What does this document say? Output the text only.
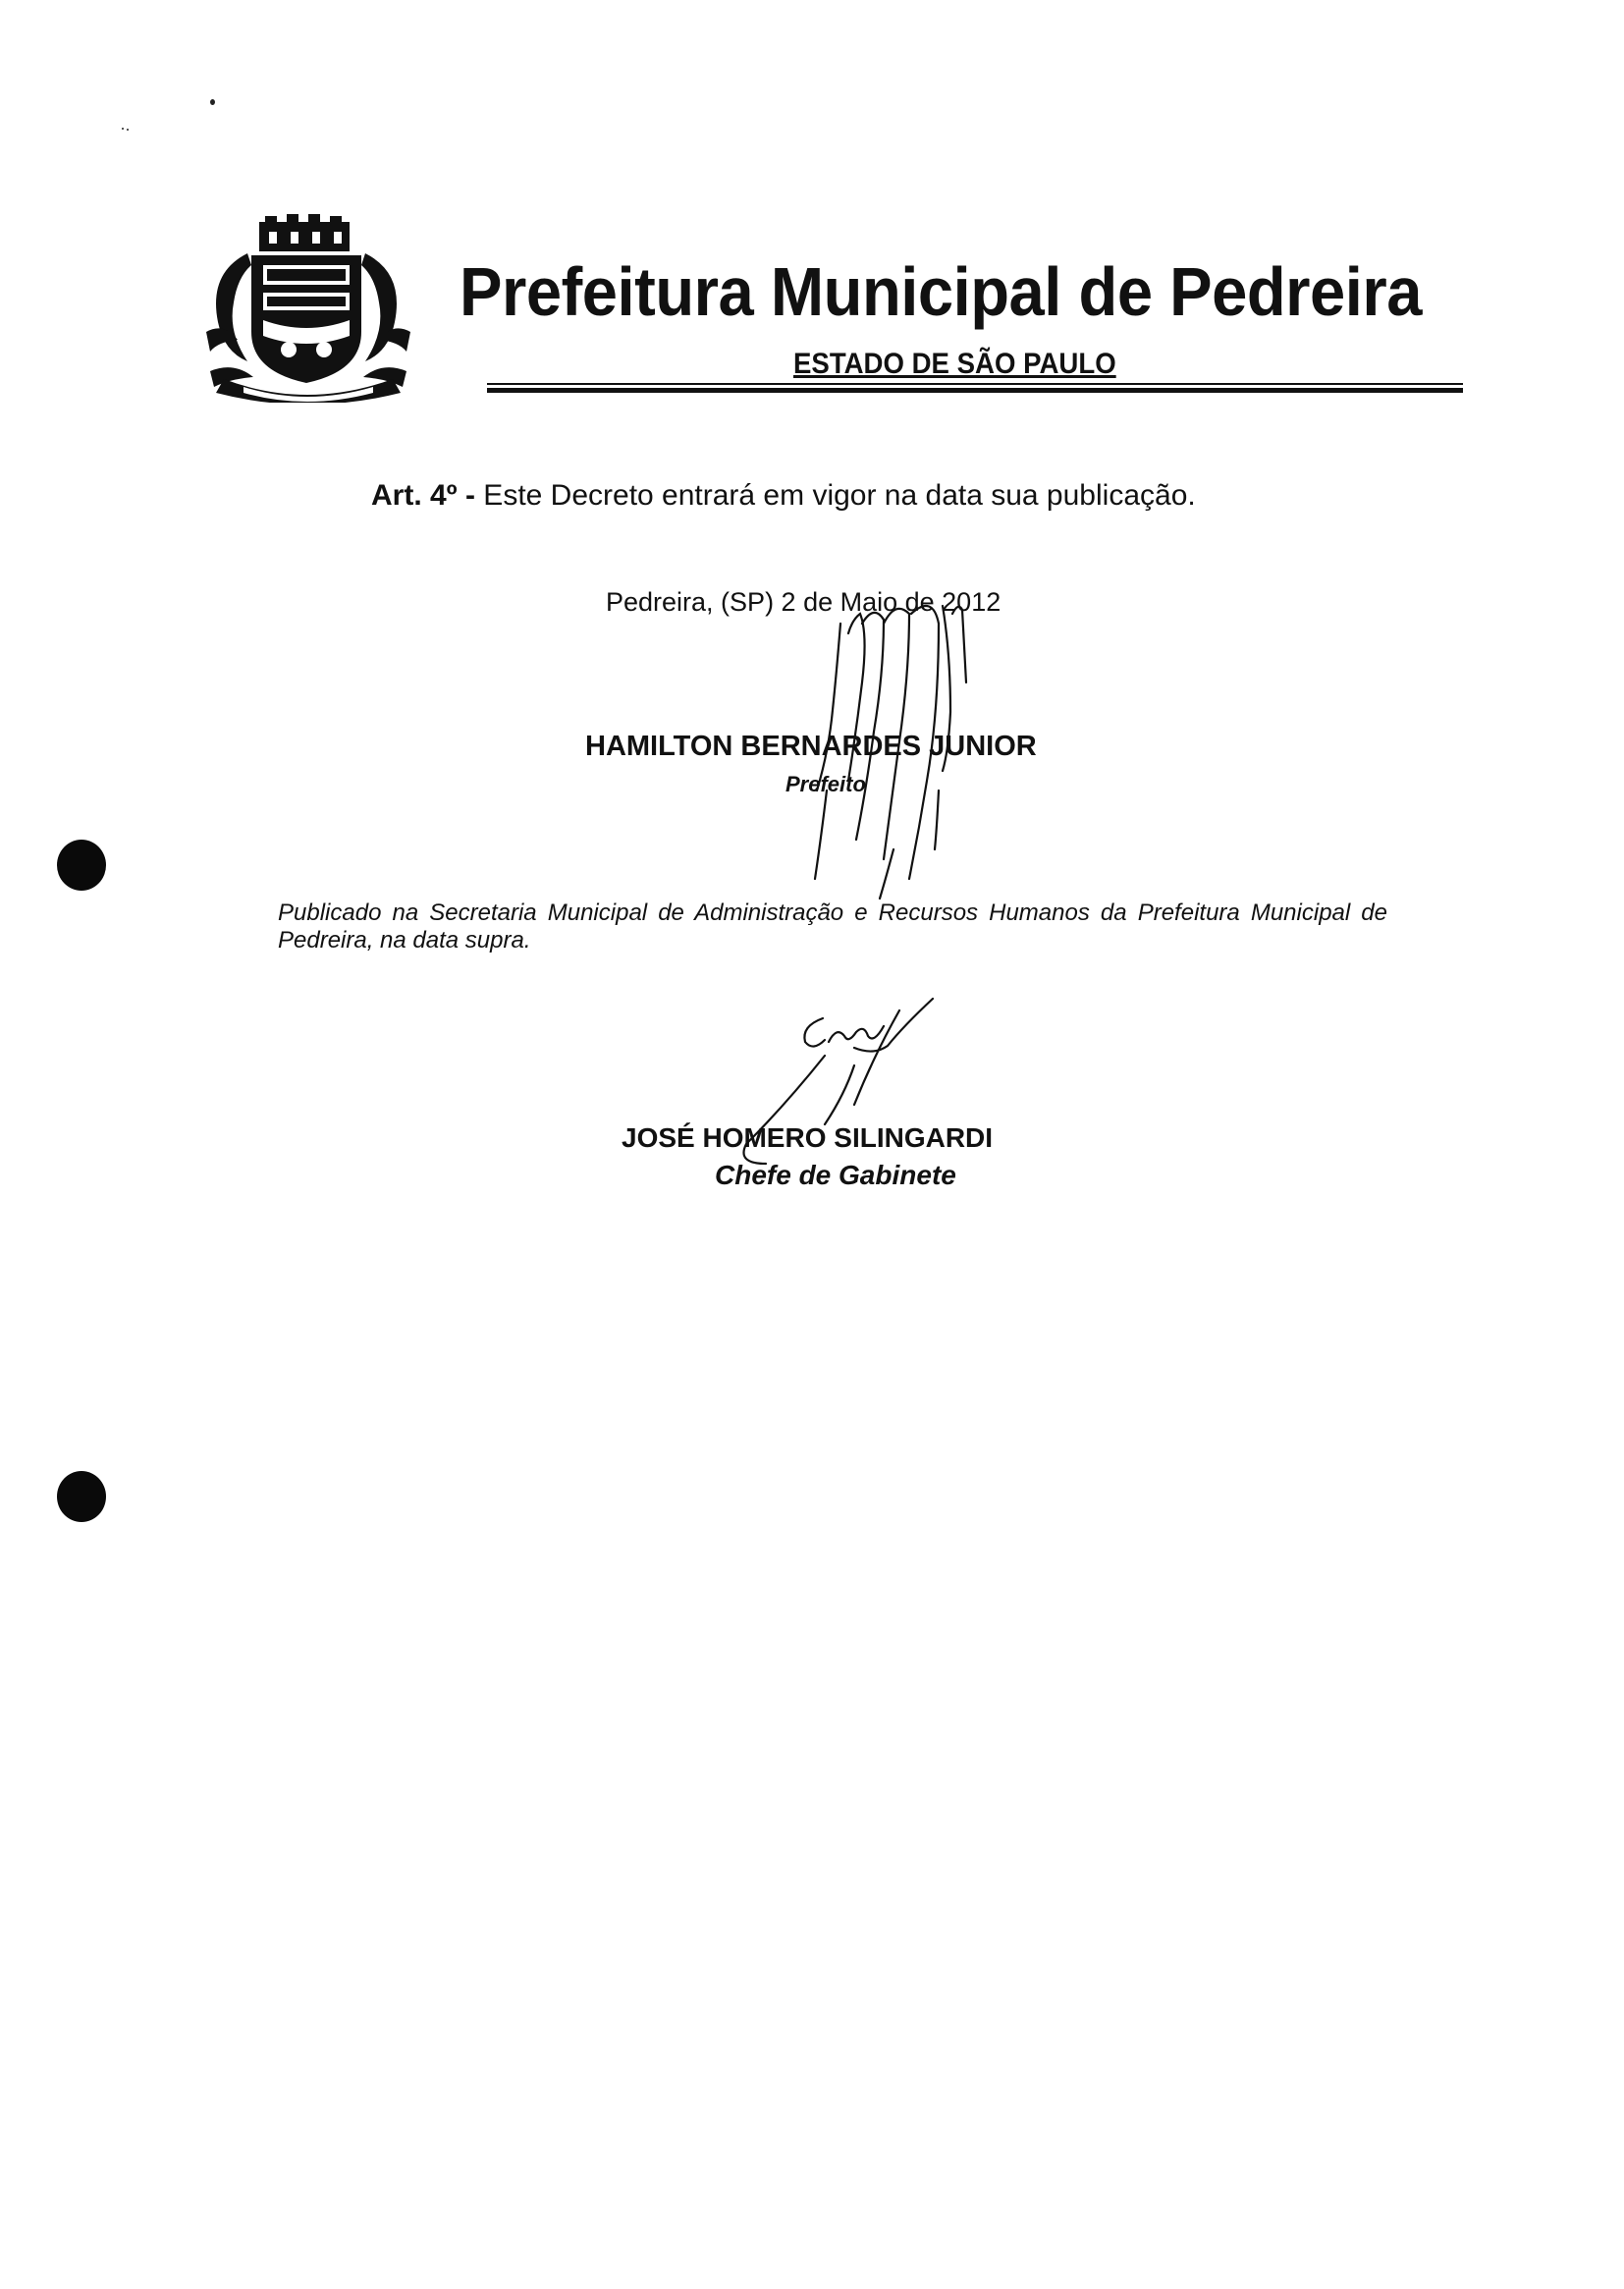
Prefeitura Municipal de Pedreira
ESTADO DE SÃO PAULO
Art. 4º - Este Decreto entrará em vigor na data sua publicação.
Pedreira, (SP) 2 de Maio de 2012
HAMILTON BERNARDES JUNIOR
Prefeito
Publicado na Secretaria Municipal de Administração e Recursos Humanos da Prefeitura Municipal de Pedreira, na data supra.
JOSÉ HOMERO SILINGARDI
Chefe de Gabinete
